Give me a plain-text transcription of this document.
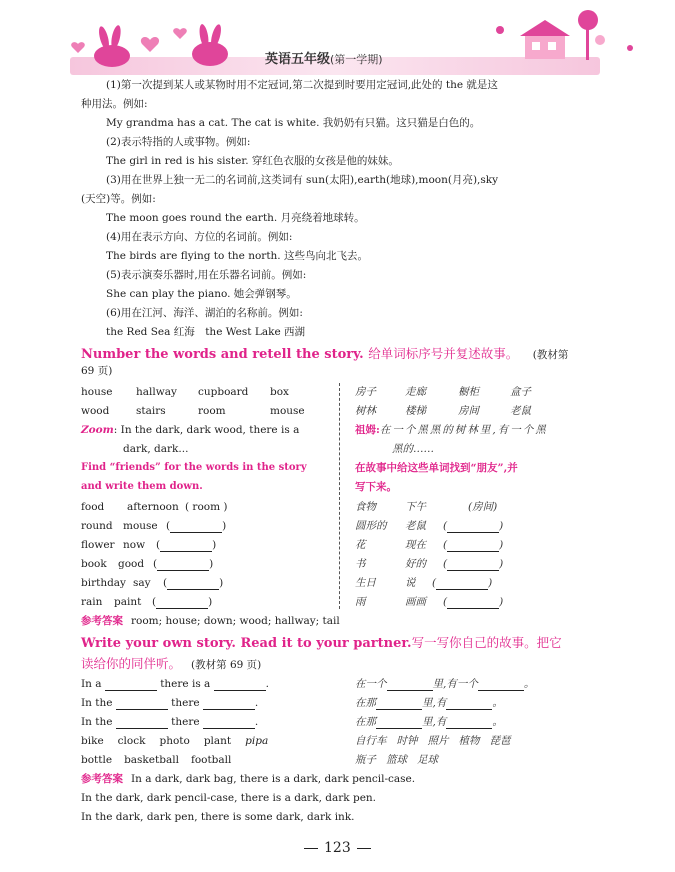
英语五年级(第一学期)
(1)第一次提到某人或某物时用不定冠词,第二次提到时要用定冠词,此处的 the 就是这
种用法。例如:
My grandma has a cat. The cat is white. 我奶奶有只猫。这只猫是白色的。
(2)表示特指的人或事物。例如:
The girl in red is his sister. 穿红色衣服的女孩是他的妹妹。
(3)用在世界上独一无二的名词前,这类词有 sun(太阳),earth(地球),moon(月亮),sky
(天空)等。例如:
The moon goes round the earth. 月亮绕着地球转。
(4)用在表示方向、方位的名词前。例如:
The birds are flying to the north. 这些鸟向北飞去。
(5)表示演奏乐器时,用在乐器名词前。例如:
She can play the piano. 她会弹钢琴。
(6)用在江河、海洋、湖泊的名称前。例如:
the Red Sea 红海　the West Lake 西湖
Number the words and retell the story. 给单词标序号并复述故事。 (教材第
69 页)
house hallway cupboard box
wood	stairs	room	mouse
Zoom: In the dark, dark wood, there is a
dark, dark...
Find “friends” for the words in the story
and write them down.
food afternoon ( room )
round mouse (	)
flower now (	)
book good (	)
birthday say (	)
rain paint (	)
房子	走廊	橱柜	盒子
树林	楼梯	房间	老鼠
祖姆:在一个黑黑的树林里,有一个黑
黑的……
在故事中给这些单词找到“朋友”,并
写下来。
食物	下午	(房间)
圆形的 老鼠 (	)
花	现在 (	)
书	好的 (	)
生日	说 (	)
雨	画画 (	)
参考答案 room; house; down; wood; hallway; tail
Write your own story. Read it to your partner.写一写你自己的故事。把它
读给你的同伴听。 (教材第 69 页)
In a	there is a	.
In the	there	.
In the	there	.
bike clock photo plant pipa
bottle basketball football
在一个	里,有一个	。
在那	里,有	。
在那	里,有	。
自行车 时钟 照片 植物 琵琶
瓶子 篮球 足球
参考答案 In a dark, dark bag, there is a dark, dark pencil-case.
In the dark, dark pencil-case, there is a dark, dark pen.
In the dark, dark pen, there is some dark, dark ink.
123
